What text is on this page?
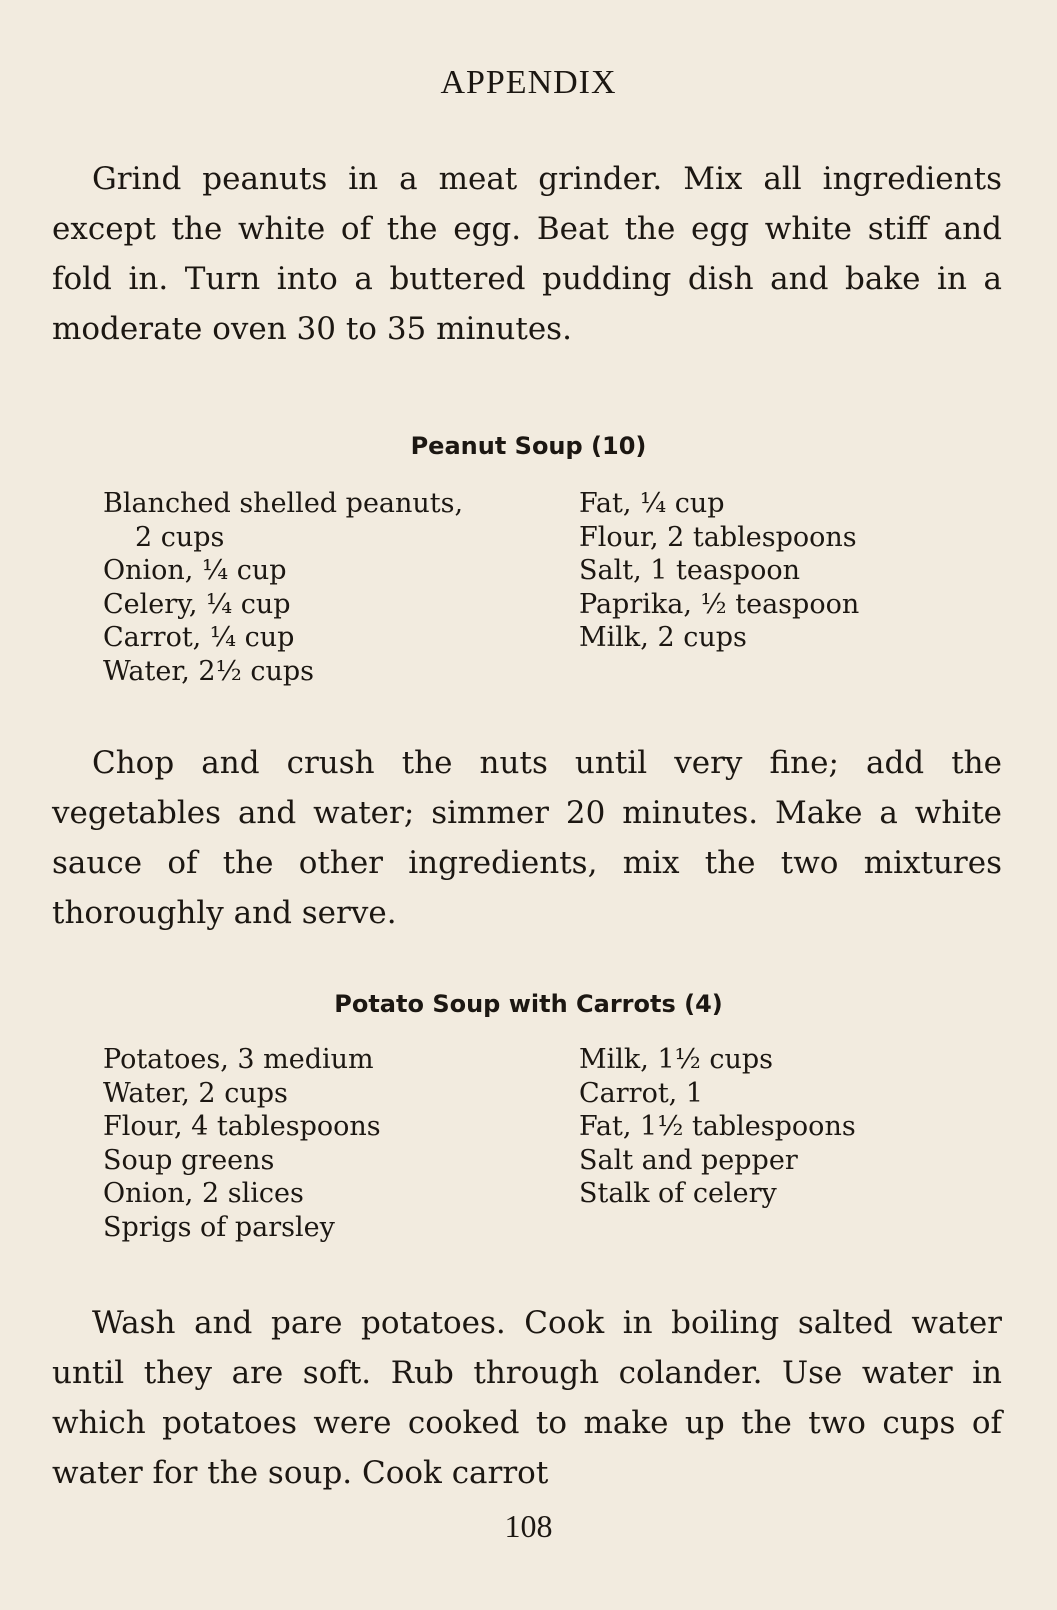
APPENDIX

Grind peanuts in a meat grinder. Mix all ingredients except the white of the egg. Beat the egg white stiff and fold in. Turn into a buttered pudding dish and bake in a moderate oven 30 to 35 minutes.

Peanut Soup (10)
Blanched shelled peanuts,
2 cups
Onion, ¼ cup
Celery, ¼ cup
Carrot, ¼ cup
Water, 2½ cups
Fat, ¼ cup
Flour, 2 tablespoons
Salt, 1 teaspoon
Paprika, ½ teaspoon
Milk, 2 cups

Chop and crush the nuts until very fine; add the vegetables and water; simmer 20 minutes. Make a white sauce of the other ingredients, mix the two mixtures thoroughly and serve.

Potato Soup with Carrots (4)
Potatoes, 3 medium
Water, 2 cups
Flour, 4 tablespoons
Soup greens
Onion, 2 slices
Sprigs of parsley
Milk, 1½ cups
Carrot, 1
Fat, 1½ tablespoons
Salt and pepper
Stalk of celery

Wash and pare potatoes. Cook in boiling salted water until they are soft. Rub through colander. Use water in which potatoes were cooked to make up the two cups of water for the soup. Cook carrot

108
